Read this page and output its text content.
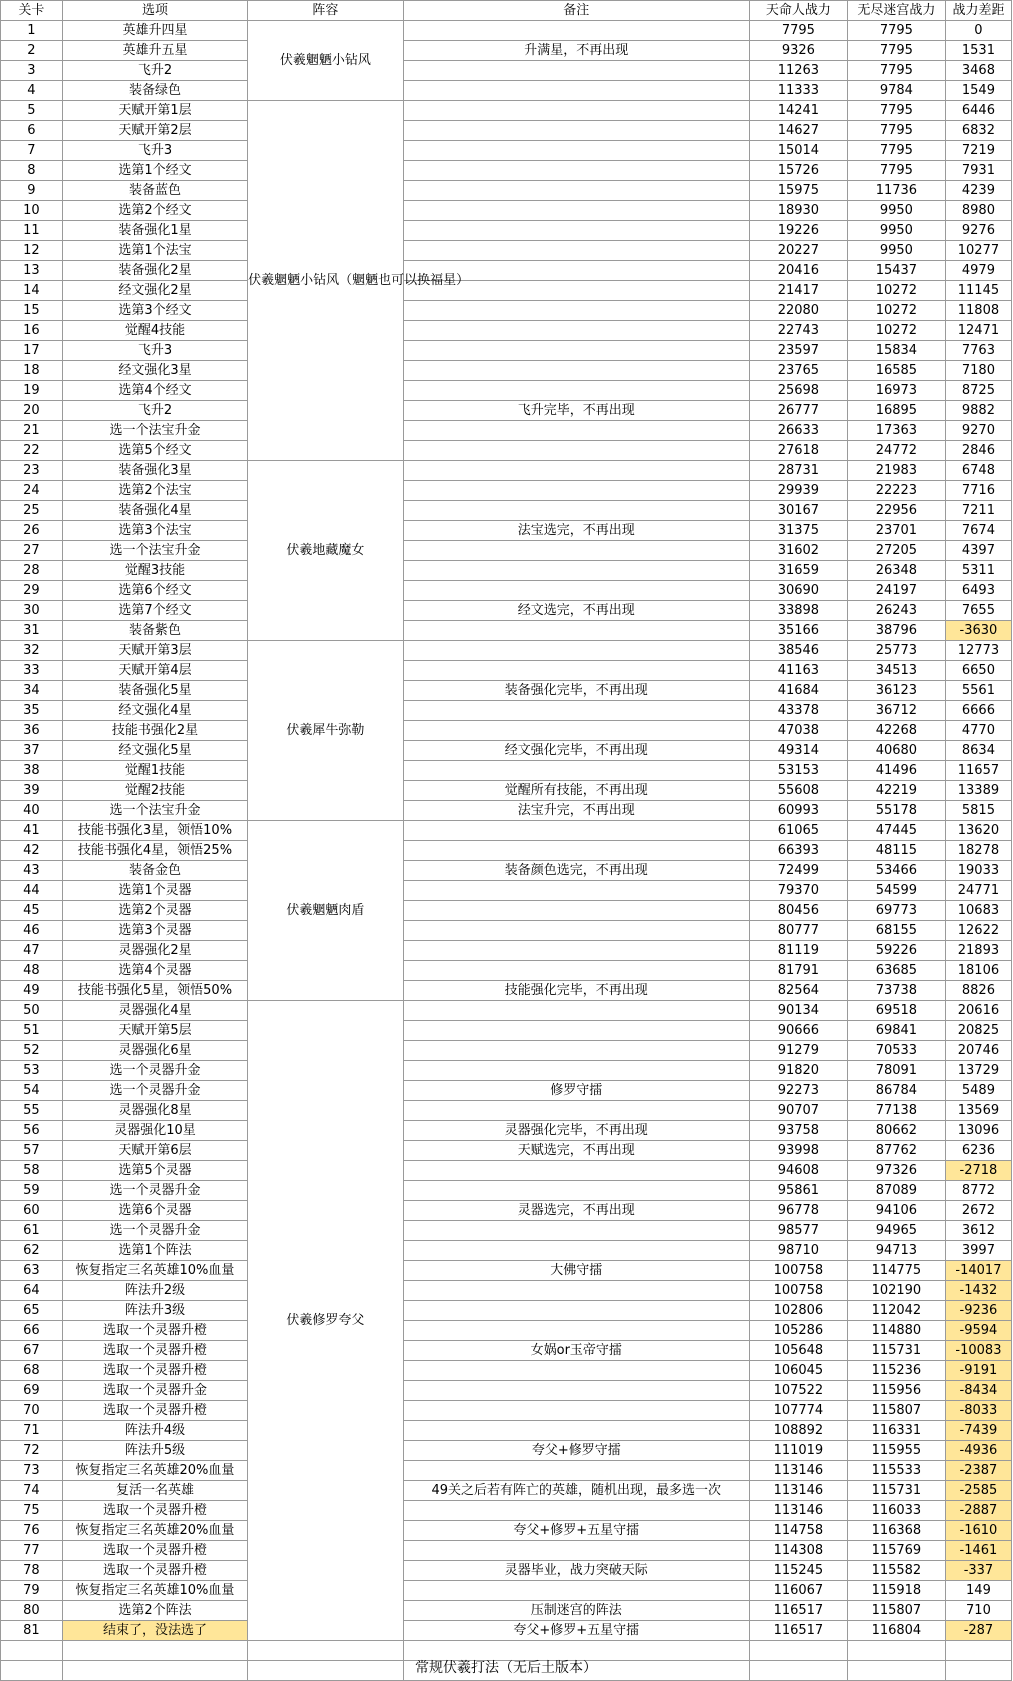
关卡	选项	阵容	备注	天命人战力	无尽迷宫战力	战力差距
1	英雄升四星	伏羲魍魉小钻风		7795	7795	0
2	英雄升五星		升满星，不再出现	9326	7795	1531
3	飞升2			11263	7795	3468
4	装备绿色			11333	9784	1549
5	天赋开第1层	伏羲魍魉小钻风（魍魉也可以换福星）		14241	7795	6446
6	天赋开第2层			14627	7795	6832
7	飞升3			15014	7795	7219
8	选第1个经文			15726	7795	7931
9	装备蓝色			15975	11736	4239
10	选第2个经文			18930	9950	8980
11	装备强化1星			19226	9950	9276
12	选第1个法宝			20227	9950	10277
13	装备强化2星			20416	15437	4979
14	经文强化2星			21417	10272	11145
15	选第3个经文			22080	10272	11808
16	觉醒4技能			22743	10272	12471
17	飞升3			23597	15834	7763
18	经文强化3星			23765	16585	7180
19	选第4个经文			25698	16973	8725
20	飞升2		飞升完毕，不再出现	26777	16895	9882
21	选一个法宝升金			26633	17363	9270
22	选第5个经文			27618	24772	2846
23	装备强化3星	伏羲地藏魔女		28731	21983	6748
24	选第2个法宝			29939	22223	7716
25	装备强化4星			30167	22956	7211
26	选第3个法宝		法宝选完，不再出现	31375	23701	7674
27	选一个法宝升金			31602	27205	4397
28	觉醒3技能			31659	26348	5311
29	选第6个经文			30690	24197	6493
30	选第7个经文		经文选完，不再出现	33898	26243	7655
31	装备紫色			35166	38796	-3630
32	天赋开第3层	伏羲犀牛弥勒		38546	25773	12773
33	天赋开第4层			41163	34513	6650
34	装备强化5星		装备强化完毕，不再出现	41684	36123	5561
35	经文强化4星			43378	36712	6666
36	技能书强化2星			47038	42268	4770
37	经文强化5星		经文强化完毕，不再出现	49314	40680	8634
38	觉醒1技能			53153	41496	11657
39	觉醒2技能		觉醒所有技能，不再出现	55608	42219	13389
40	选一个法宝升金		法宝升完，不再出现	60993	55178	5815
41	技能书强化3星，领悟10%	伏羲魍魉肉盾		61065	47445	13620
42	技能书强化4星，领悟25%			66393	48115	18278
43	装备金色		装备颜色选完，不再出现	72499	53466	19033
44	选第1个灵器			79370	54599	24771
45	选第2个灵器			80456	69773	10683
46	选第3个灵器			80777	68155	12622
47	灵器强化2星			81119	59226	21893
48	选第4个灵器			81791	63685	18106
49	技能书强化5星，领悟50%		技能强化完毕，不再出现	82564	73738	8826
50	灵器强化4星	伏羲修罗夸父		90134	69518	20616
51	天赋开第5层			90666	69841	20825
52	灵器强化6星			91279	70533	20746
53	选一个灵器升金			91820	78091	13729
54	选一个灵器升金		修罗守擂	92273	86784	5489
55	灵器强化8星			90707	77138	13569
56	灵器强化10星		灵器强化完毕，不再出现	93758	80662	13096
57	天赋开第6层		天赋选完，不再出现	93998	87762	6236
58	选第5个灵器			94608	97326	-2718
59	选一个灵器升金			95861	87089	8772
60	选第6个灵器		灵器选完，不再出现	96778	94106	2672
61	选一个灵器升金			98577	94965	3612
62	选第1个阵法			98710	94713	3997
63	恢复指定三名英雄10%血量		大佛守擂	100758	114775	-14017
64	阵法升2级			100758	102190	-1432
65	阵法升3级			102806	112042	-9236
66	选取一个灵器升橙			105286	114880	-9594
67	选取一个灵器升橙		女娲or玉帝守擂	105648	115731	-10083
68	选取一个灵器升橙			106045	115236	-9191
69	选取一个灵器升金			107522	115956	-8434
70	选取一个灵器升橙			107774	115807	-8033
71	阵法升4级			108892	116331	-7439
72	阵法升5级		夸父+修罗守擂	111019	115955	-4936
73	恢复指定三名英雄20%血量			113146	115533	-2387
74	复活一名英雄		49关之后若有阵亡的英雄，随机出现，最多选一次	113146	115731	-2585
75	选取一个灵器升橙			113146	116033	-2887
76	恢复指定三名英雄20%血量		夸父+修罗+五星守擂	114758	116368	-1610
77	选取一个灵器升橙			114308	115769	-1461
78	选取一个灵器升橙		灵器毕业，战力突破天际	115245	115582	-337
79	恢复指定三名英雄10%血量			116067	115918	149
80	选第2个阵法		压制迷宫的阵法	116517	115807	710
81	结束了，没法选了		夸父+修罗+五星守擂	116517	116804	-287

常规伏羲打法（无后土版本）
